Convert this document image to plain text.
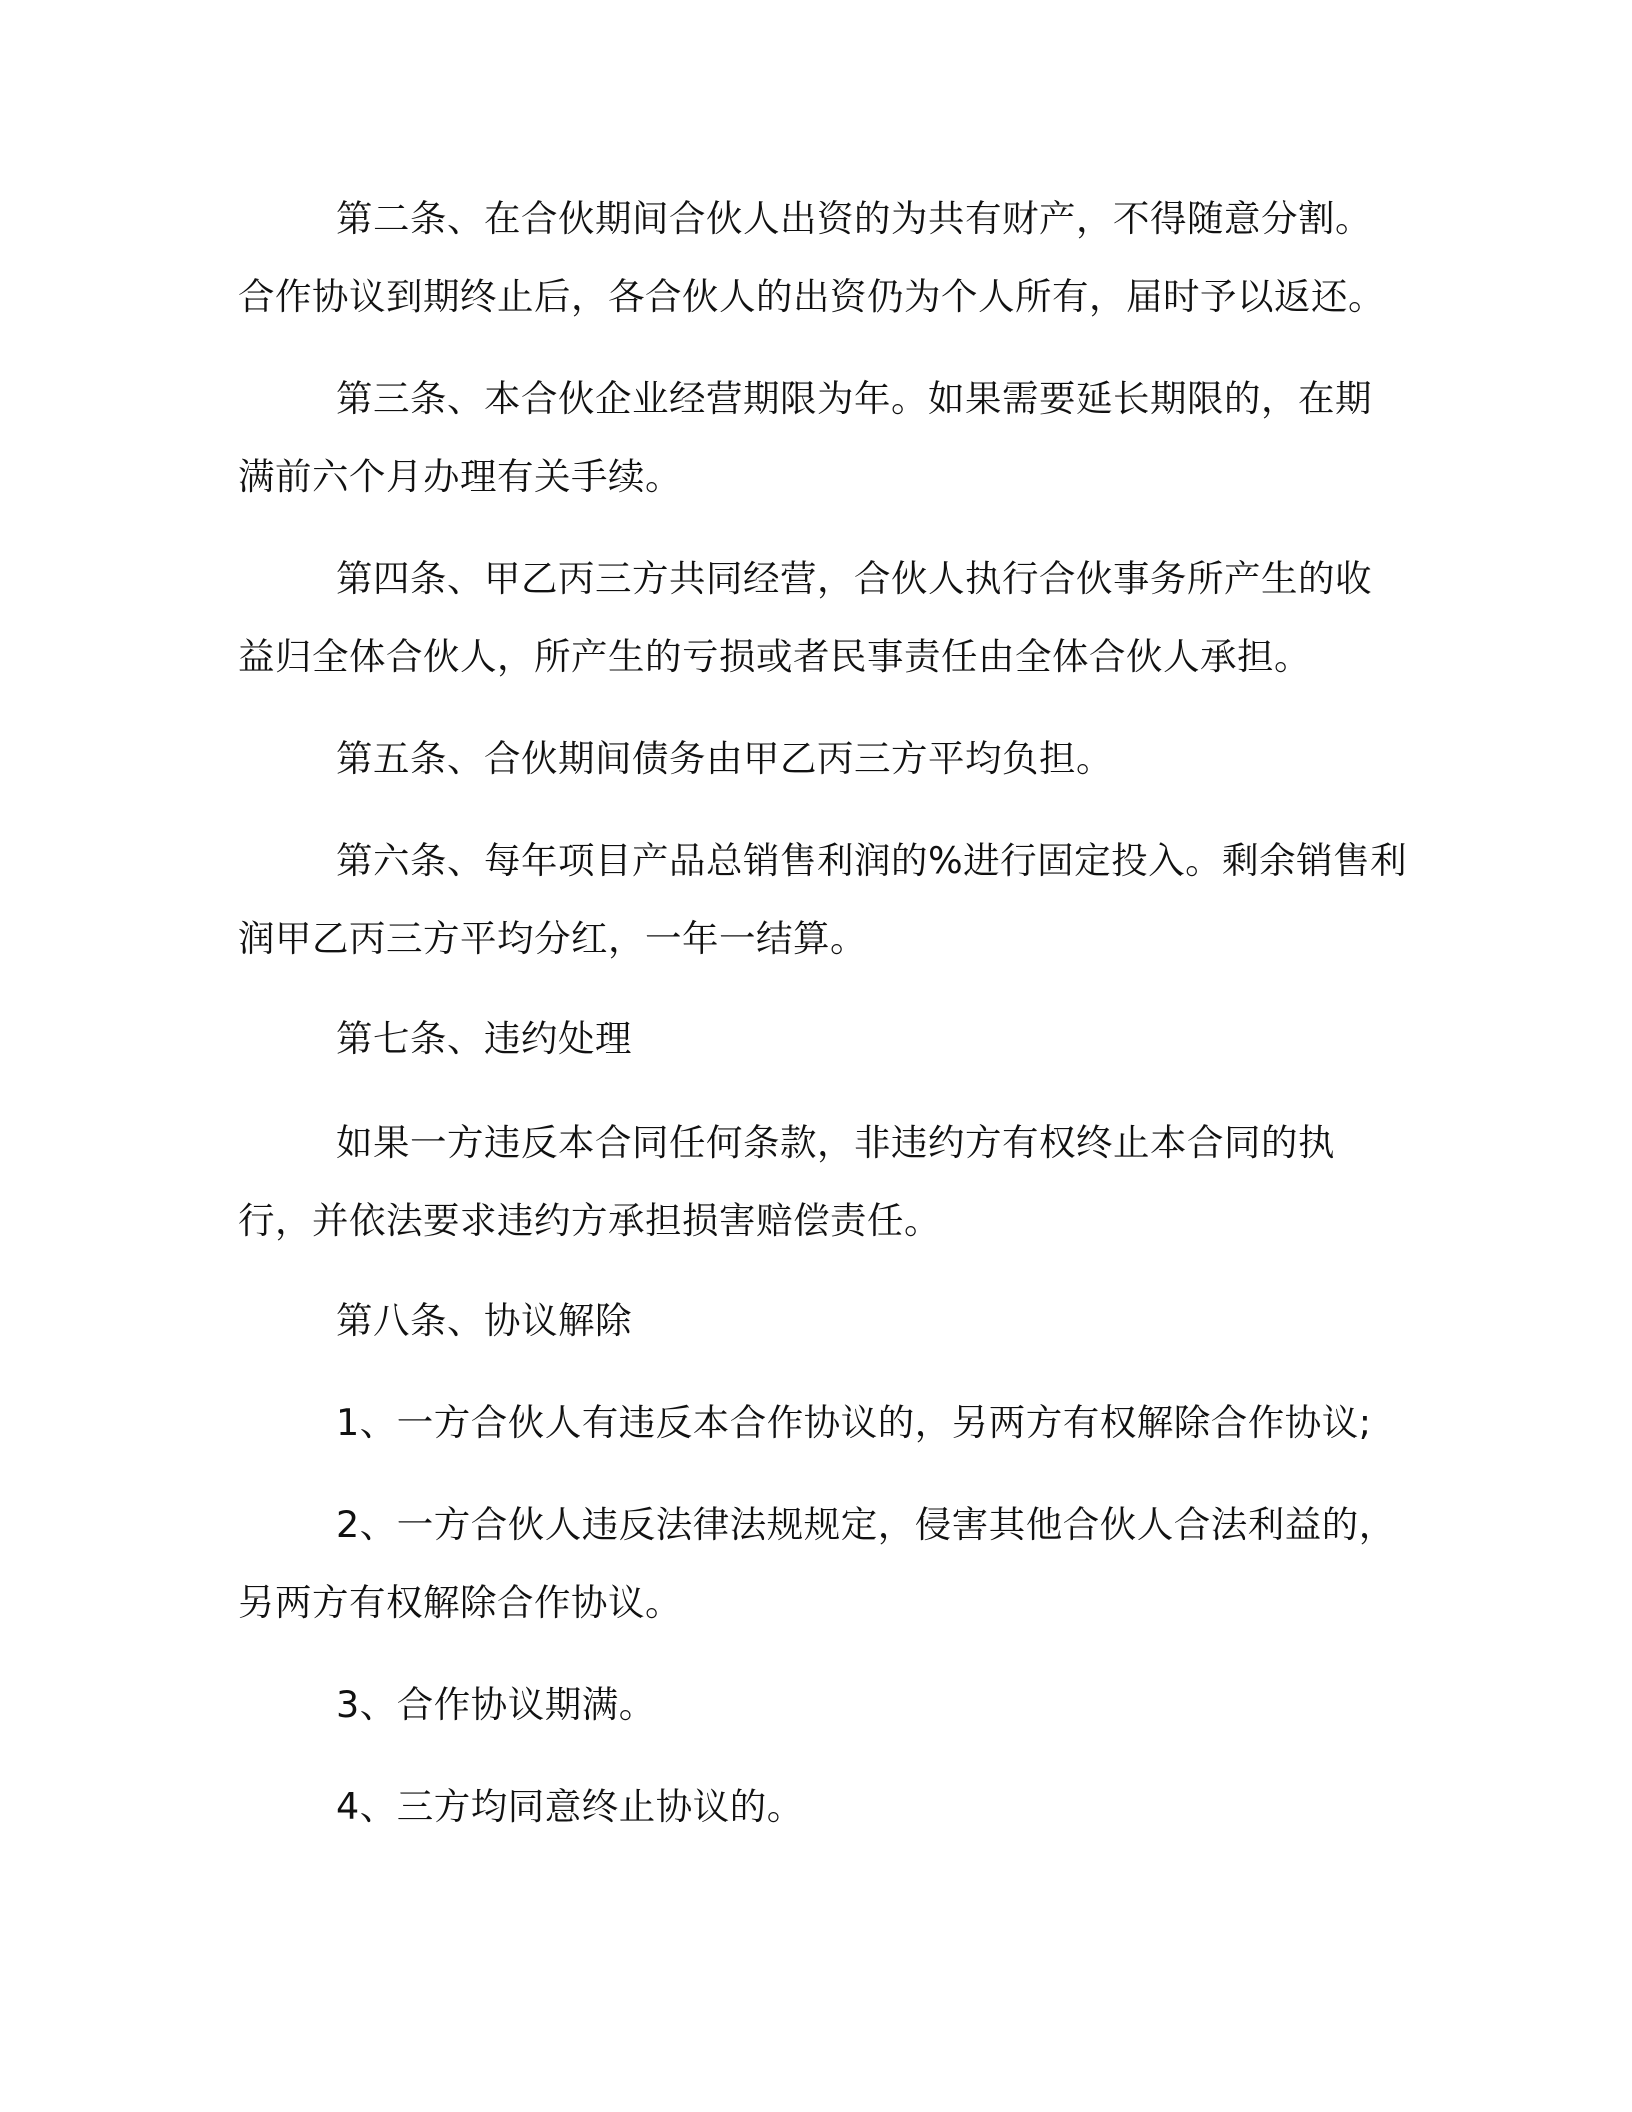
第二条、在合伙期间合伙人出资的为共有财产，不得随意分割。合作协议到期终止后，各合伙人的出资仍为个人所有，届时予以返还。

第三条、本合伙企业经营期限为年。如果需要延长期限的，在期满前六个月办理有关手续。

第四条、甲乙丙三方共同经营，合伙人执行合伙事务所产生的收益归全体合伙人，所产生的亏损或者民事责任由全体合伙人承担。

第五条、合伙期间债务由甲乙丙三方平均负担。

第六条、每年项目产品总销售利润的%进行固定投入。剩余销售利润甲乙丙三方平均分红，一年一结算。

第七条、违约处理

如果一方违反本合同任何条款，非违约方有权终止本合同的执行，并依法要求违约方承担损害赔偿责任。

第八条、协议解除

1、一方合伙人有违反本合作协议的，另两方有权解除合作协议;

2、一方合伙人违反法律法规规定，侵害其他合伙人合法利益的，另两方有权解除合作协议。

3、合作协议期满。

4、三方均同意终止协议的。
